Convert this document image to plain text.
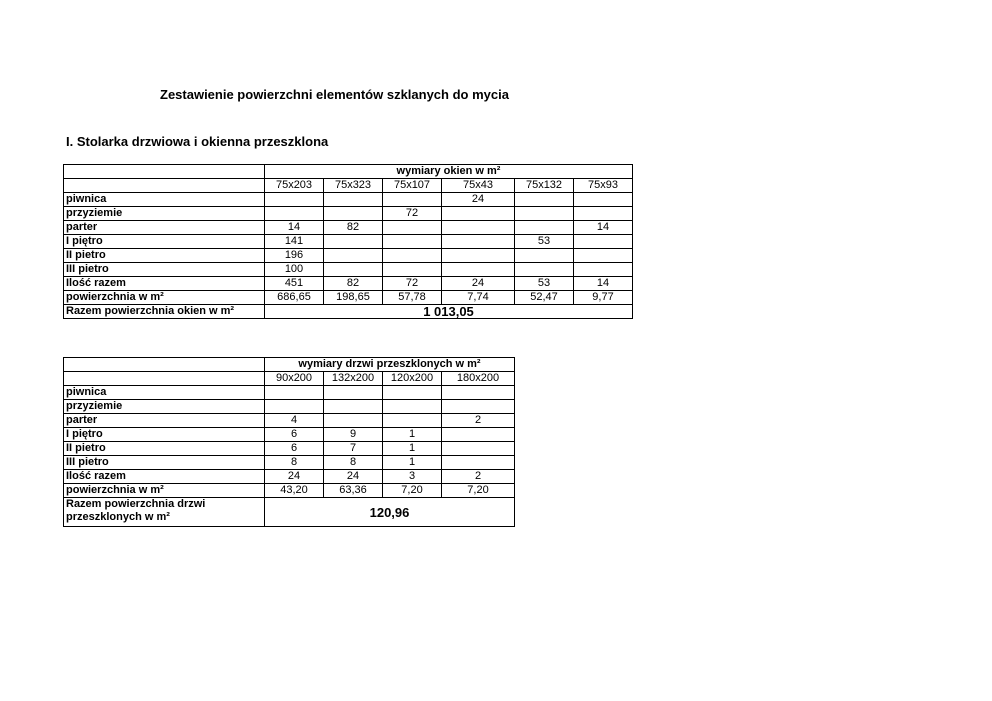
Zestawienie powierzchni elementów szklanych do mycia
I. Stolarka drzwiowa i okienna przeszklona
	wymiary okien w m²					
	75x203	75x323	75x107	75x43	75x132	75x93
piwnica				24		
przyziemie			72			
parter	14	82				14
I piętro	141				53	
II pietro	196					
III pietro	100					
Ilość razem	451	82	72	24	53	14
powierzchnia w m²	686,65	198,65	57,78	7,74	52,47	9,77
Razem powierzchnia okien w m²	1 013,05					
	wymiary drzwi przeszklonych w m²			
	90x200	132x200	120x200	180x200
piwnica				
przyziemie				
parter	4			2
I piętro	6	9	1	
II pietro	6	7	1	
III pietro	8	8	1	
Ilość razem	24	24	3	2
powierzchnia w m²	43,20	63,36	7,20	7,20
Razem powierzchnia drzwi przeszklonych w m²	120,96			
